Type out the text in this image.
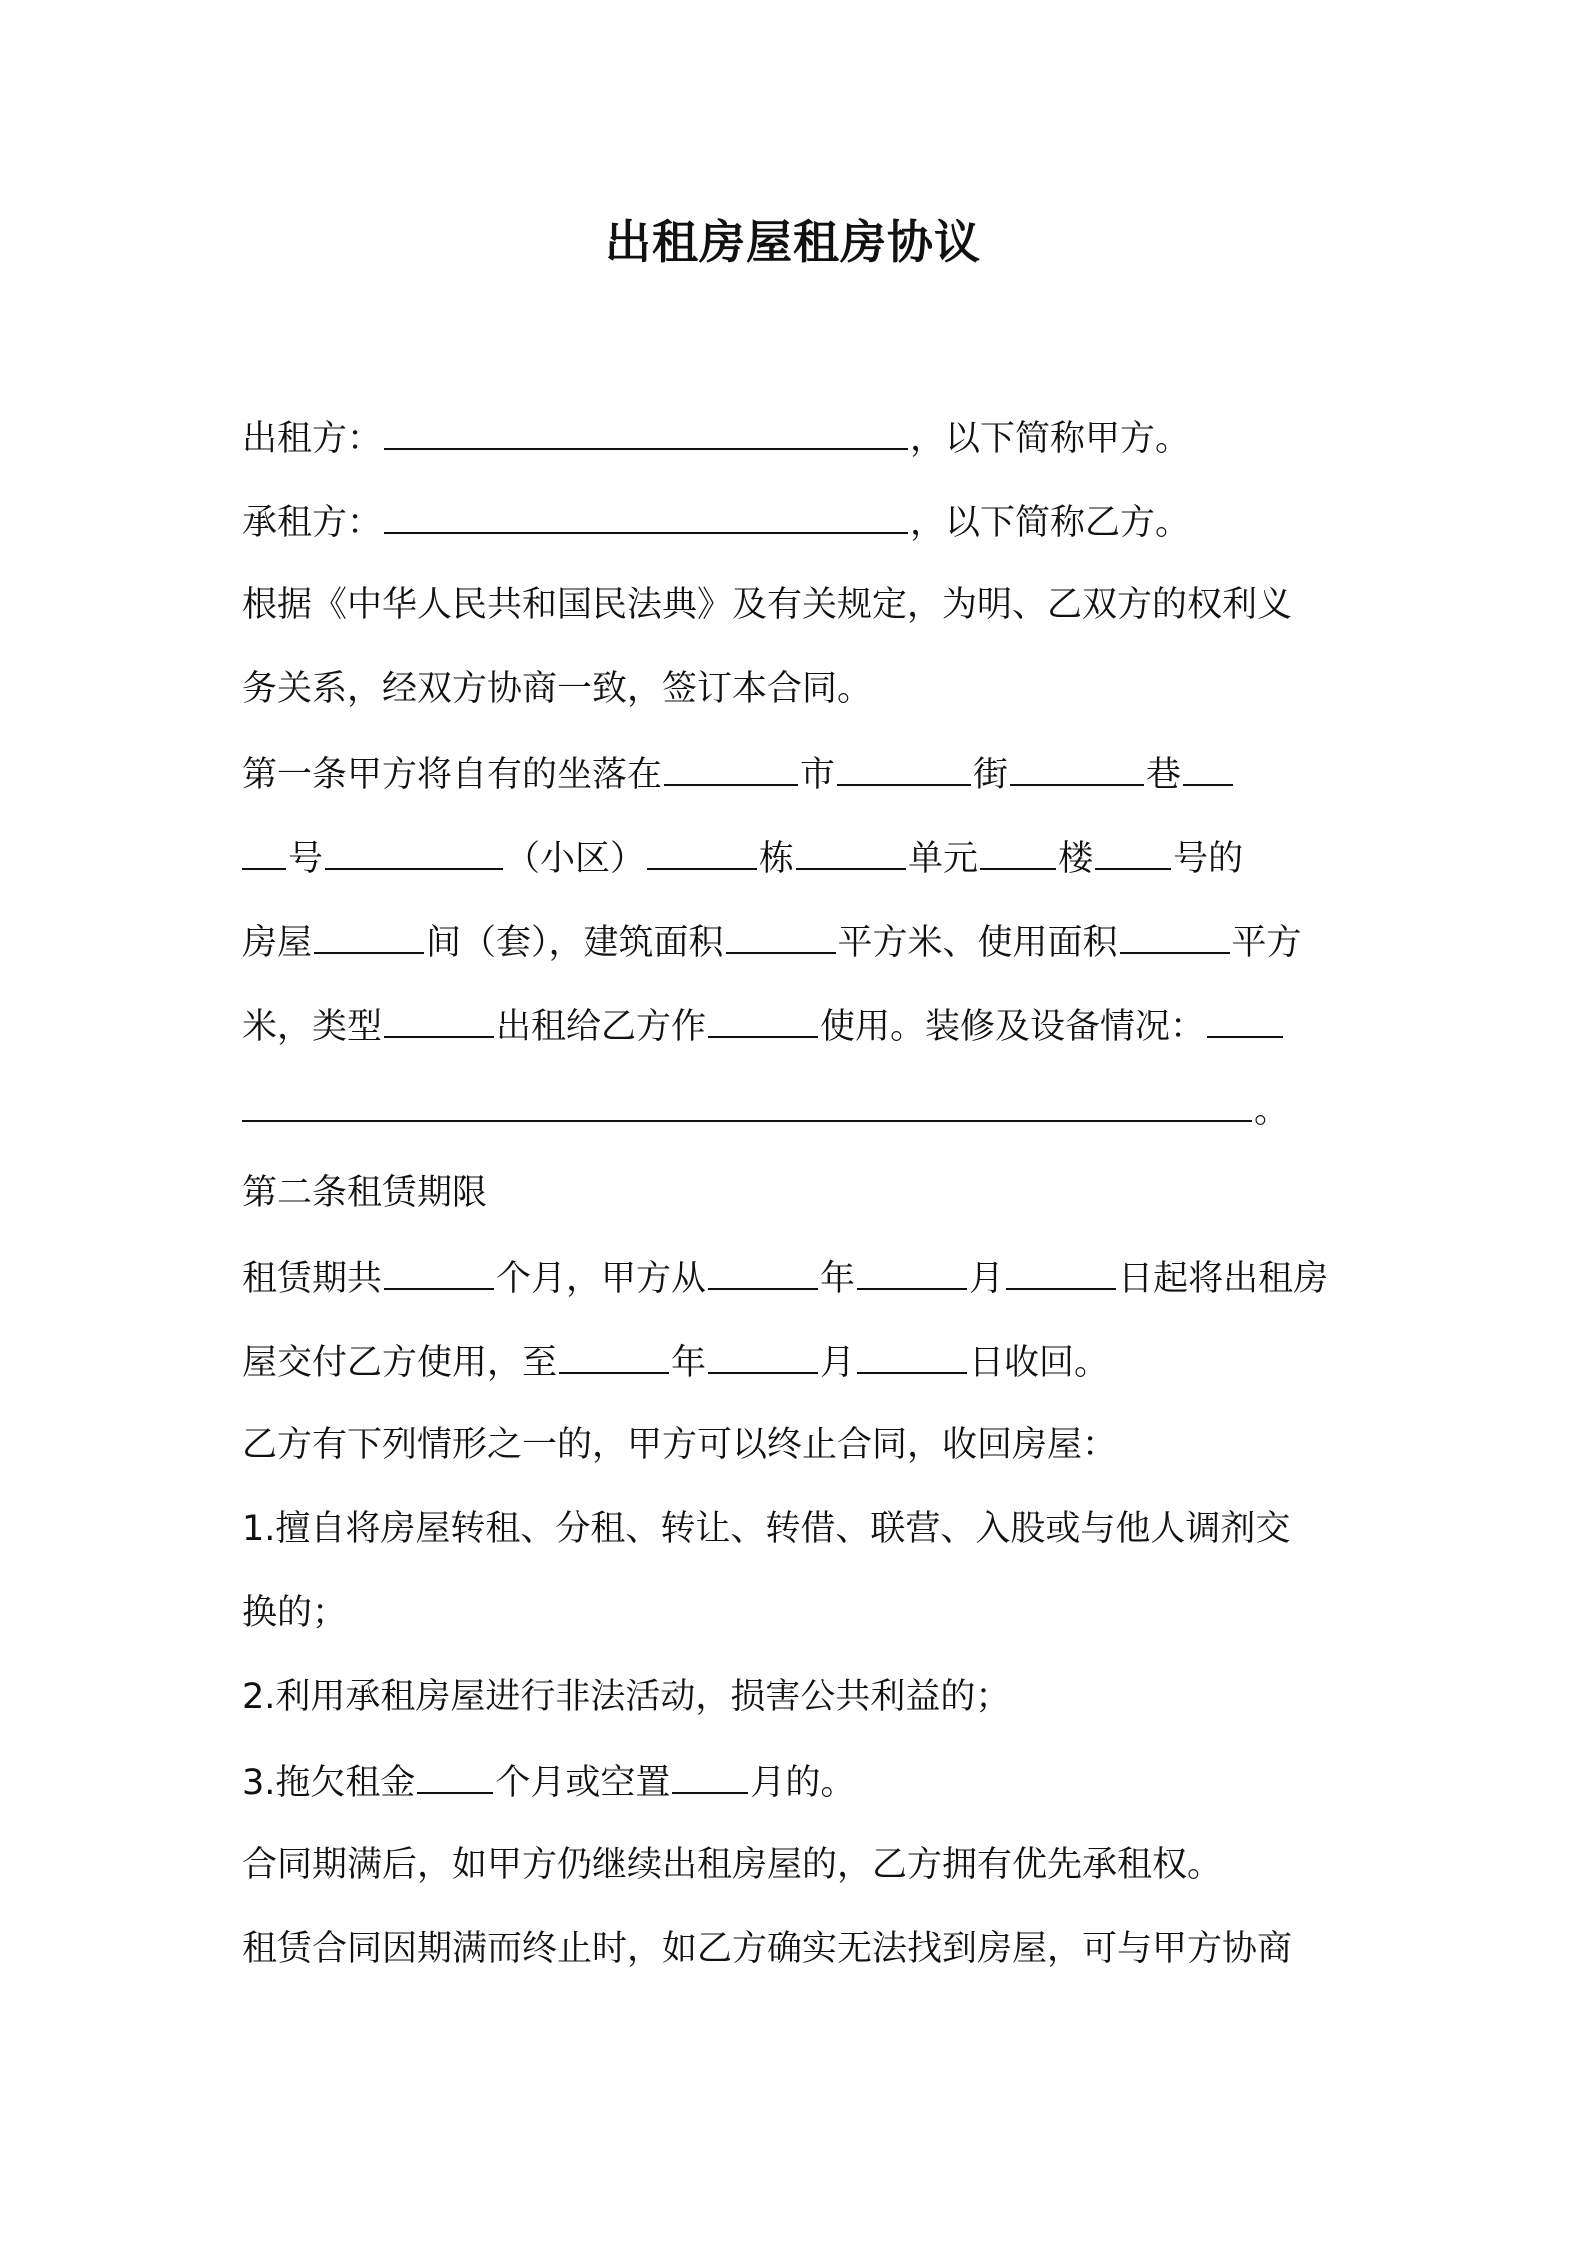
出租房屋租房协议
出租方：	，以下简称甲方。
承租方：	，以下简称乙方。
根据《中华人民共和国民法典》及有关规定，为明、乙双方的权利义
务关系，经双方协商一致，签订本合同。
第一条甲方将自有的坐落在	市	街	巷
号	（小区）	栋	单元 楼 号的
房屋	间（套），建筑面积	平方米、使用面积	平方
米，类型	出租给乙方作	使用。装修及设备情况：
。
第二条租赁期限
租赁期共	个月，甲方从	年	月	日起将出租房
屋交付乙方使用，至	年	月	日收回。
乙方有下列情形之一的，甲方可以终止合同，收回房屋：
1.擅自将房屋转租、分租、转让、转借、联营、入股或与他人调剂交
换的；
2.利用承租房屋进行非法活动，损害公共利益的；
3.拖欠租金 个月或空置 月的。
合同期满后，如甲方仍继续出租房屋的，乙方拥有优先承租权。
租赁合同因期满而终止时，如乙方确实无法找到房屋，可与甲方协商
